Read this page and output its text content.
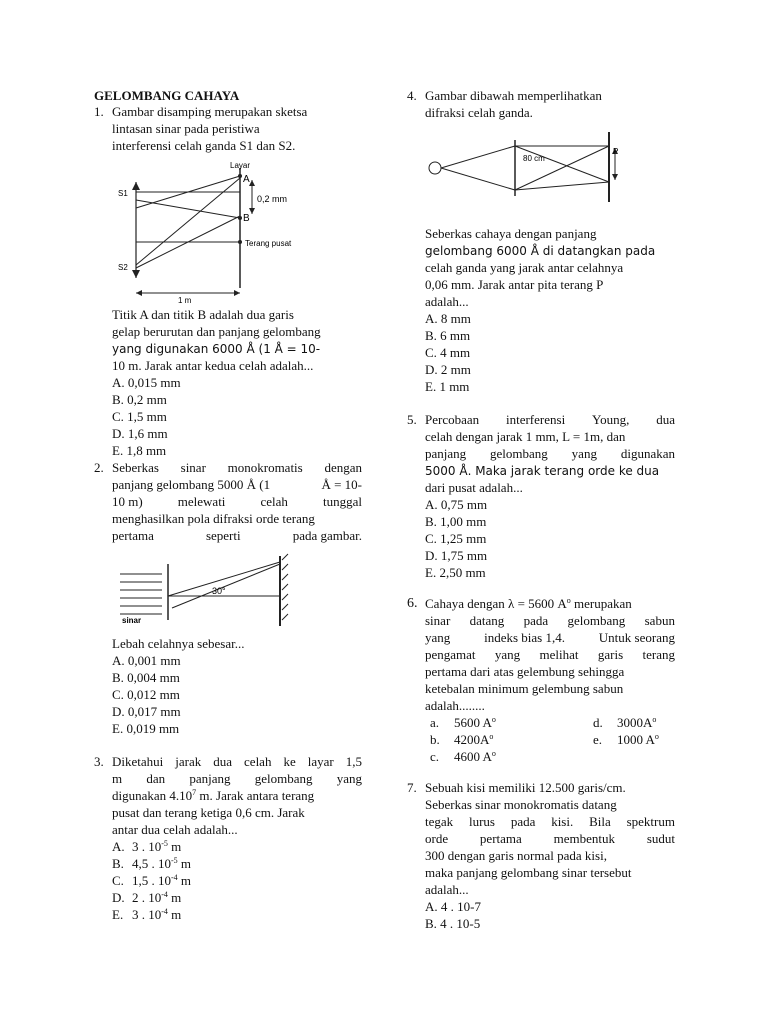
GELOMBANG CAHAYA
1. Gambar disamping merupakan sketsa
lintasan sinar pada peristiwa
interferensi celah ganda S1 dan S2.
Layar
S1
S2
A
B
0,2 mm
Terang pusat
1 m
Titik A dan titik B adalah dua garis
gelap berurutan dan panjang gelombang
yang digunakan 6000 Å (1 Å = 10-
10 m. Jarak antar kedua celah adalah...
A. 0,015 mm
B. 0,2 mm
C. 1,5 mm
D. 1,6 mm
E. 1,8 mm
2. Seberkas sinar monokromatis dengan
panjang gelombang 5000 Å (1	Å = 10-
10 m)	melewati	celah	tunggal
menghasilkan pola difraksi orde terang
pertama	seperti	pada gambar.
30°
sinar
Lebah celahnya sebesar...
A. 0,001 mm
B. 0,004 mm
C. 0,012 mm
D. 0,017 mm
E. 0,019 mm
3. Diketahui jarak dua celah ke layar 1,5
m dan panjang gelombang yang
digunakan 4.10$^7$ m. Jarak antara terang
pusat dan terang ketiga 0,6 cm. Jarak
antar dua celah adalah...
A. 3 . $10^{-5}$ m
B. 4,5 . $10^{-5}$ m
C. 1,5 . $10^{-4}$ m
D. 2 . $10^{-4}$ m
E. 3 . $10^{-4}$ m
4. Gambar dibawah memperlihatkan
difraksi celah ganda.
80 cm
P
Seberkas cahaya dengan panjang
gelombang 6000 Å di datangkan pada
celah ganda yang jarak antar celahnya
0,06 mm. Jarak antar pita terang P
adalah...
A. 8 mm
B. 6 mm
C. 4 mm
D. 2 mm
E. 1 mm
5. Percobaan interferensi Young, dua
celah dengan jarak 1 mm, L = 1m, dan
panjang gelombang yang digunakan
5000 Å. Maka jarak terang orde ke dua
dari pusat adalah...
A. 0,75 mm
B. 1,00 mm
C. 1,25 mm
D. 1,75 mm
E. 2,50 mm
6. Cahaya dengan λ = 5600 $A^o$ merupakan
sinar datang pada gelombang sabun
yang	indeks bias 1,4.	Untuk seorang
pengamat yang melihat garis terang
pertama dari atas gelembung sehingga
ketebalan minimum gelembung sabun
adalah........
a. 5600 $A^o$
b. $4200A^o$
c. 4600 $A^o$
d. $3000A^o$
e. 1000 $A^o$
7. Sebuah kisi memiliki 12.500 garis/cm.
Seberkas sinar monokromatis datang
tegak lurus pada kisi. Bila spektrum
orde pertama membentuk sudut
300 dengan garis normal pada kisi,
maka panjang gelombang sinar tersebut
adalah...
A. 4 . 10-7
B. 4 . 10-5
